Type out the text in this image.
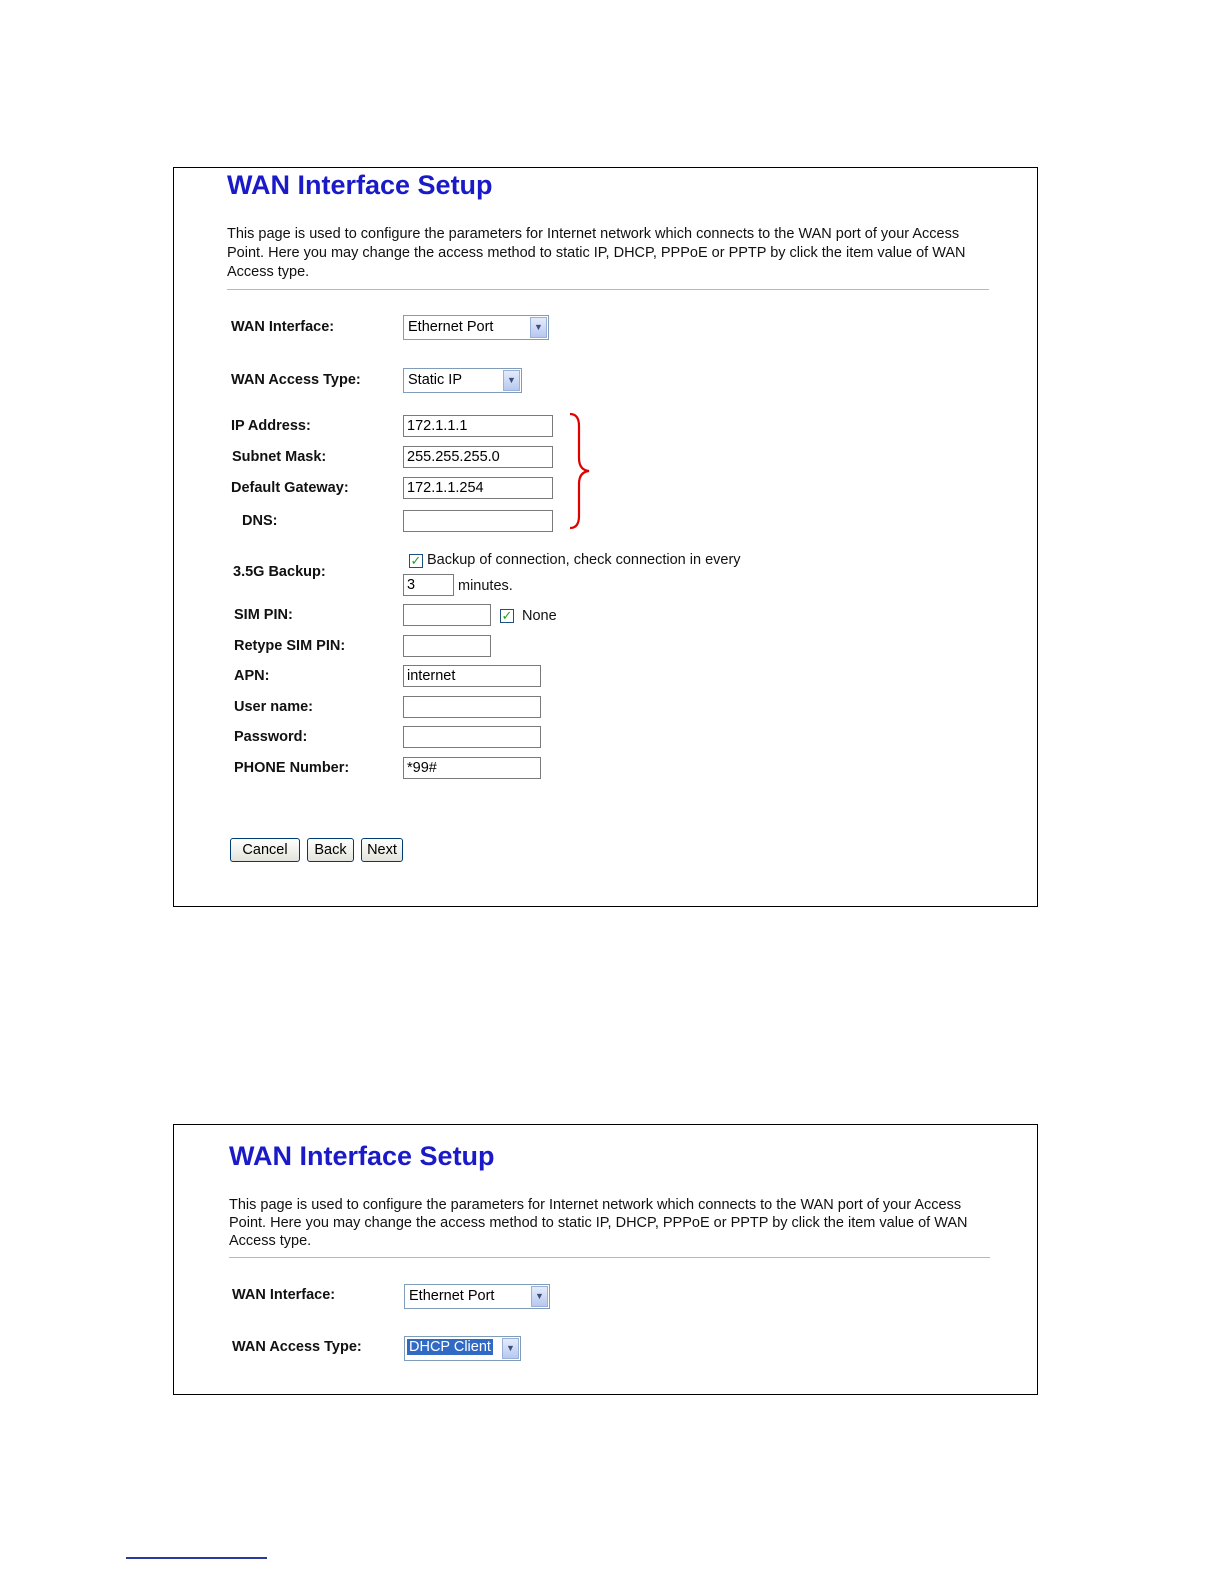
WAN Interface Setup
This page is used to configure the parameters for Internet network which connects to the WAN port of your Access Point. Here you may change the access method to static IP, DHCP, PPPoE or PPTP by click the item value of WAN Access type.
WAN Interface:	Ethernet Port	▼
WAN Access Type:	Static IP	▼
IP Address:
172.1.1.1
Subnet Mask:
255.255.255.0
Default Gateway:
172.1.1.254
DNS:
3.5G Backup:
✓ Backup of connection, check connection in every
3
minutes.
SIM PIN:	✓ None
Retype SIM PIN:
APN:
internet
User name:
Password:
PHONE Number:
*99#
Cancel	Back	Next
WAN Interface Setup
This page is used to configure the parameters for Internet network which connects to the WAN port of your Access Point. Here you may change the access method to static IP, DHCP, PPPoE or PPTP by click the item value of WAN Access type.
WAN Interface:	Ethernet Port	▼
WAN Access Type:	DHCP Client	▼
